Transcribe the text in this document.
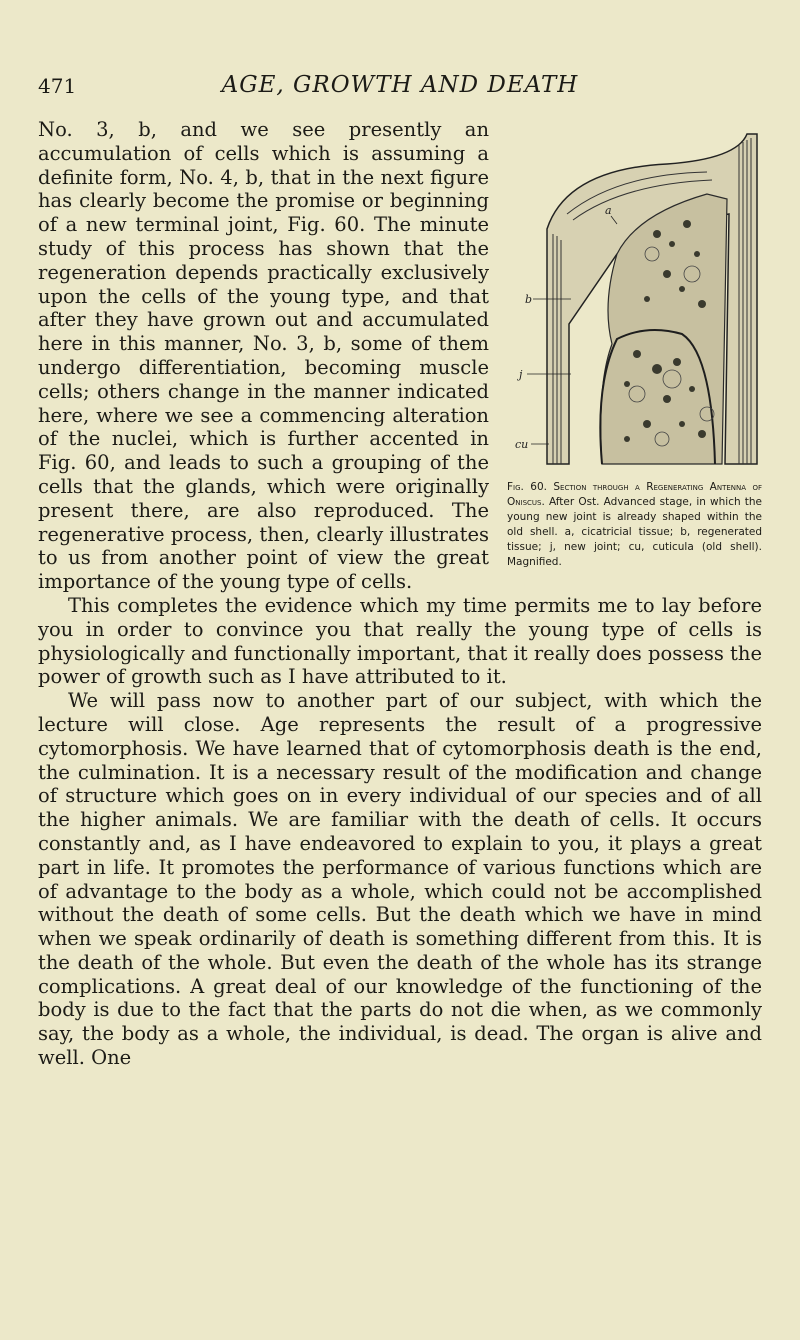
471	AGE, GROWTH AND DEATH
a
b
j
cu
Fig. 60. Section through a Regenerating Antenna of Oniscus. After Ost. Advanced stage, in which the young new joint is already shaped within the old shell. a, cicatricial tissue; b, regenerated tissue; j, new joint; cu, cuticula (old shell). Magnified.

No. 3, b, and we see presently an accumulation of cells which is assuming a definite form, No. 4, b, that in the next figure has clearly become the promise or beginning of a new terminal joint, Fig. 60. The minute study of this process has shown that the regeneration depends practically exclusively upon the cells of the young type, and that after they have grown out and accumulated here in this manner, No. 3, b, some of them undergo differentiation, becoming muscle cells; others change in the manner indicated here, where we see a commencing alteration of the nuclei, which is further accented in Fig. 60, and leads to such a grouping of the cells that the glands, which were originally present there, are also reproduced. The regenerative process, then, clearly illustrates to us from another point of view the great importance of the young type of cells.

This completes the evidence which my time permits me to lay before you in order to convince you that really the young type of cells is physiologically and functionally important, that it really does possess the power of growth such as I have attributed to it.

We will pass now to another part of our subject, with which the lecture will close. Age represents the result of a progressive cytomorphosis. We have learned that of cytomorphosis death is the end, the culmination. It is a necessary result of the modification and change of structure which goes on in every individual of our species and of all the higher animals. We are familiar with the death of cells. It occurs constantly and, as I have endeavored to explain to you, it plays a great part in life. It promotes the performance of various functions which are of advantage to the body as a whole, which could not be accomplished without the death of some cells. But the death which we have in mind when we speak ordinarily of death is something different from this. It is the death of the whole. But even the death of the whole has its strange complications. A great deal of our knowledge of the functioning of the body is due to the fact that the parts do not die when, as we commonly say, the body as a whole, the individual, is dead. The organ is alive and well. One
